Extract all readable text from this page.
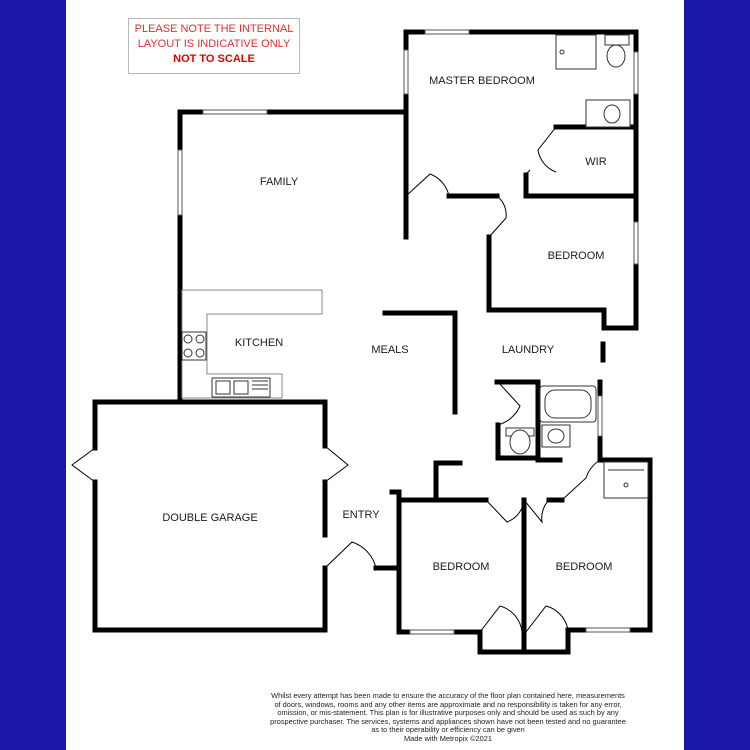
PLEASE NOTE THE INTERNAL
LAYOUT IS INDICATIVE ONLY
NOT TO SCALE
MASTER BEDROOM
WIR
FAMILY
BEDROOM
KITCHEN
MEALS	LAUNDRY
DOUBLE GARAGE	ENTRY
BEDROOM	BEDROOM
Whilst every attempt has been made to ensure the accuracy of the floor plan contained here, measurements
of doors, windows, rooms and any other items are approximate and no responsibility is taken for any error,
omission, or mis-statement. This plan is for illustrative purposes only and should be used as such by any
prospective purchaser. The services, systems and appliances shown have not been tested and no guarantee
as to their operability or efficiency can be given
Made with Metropix ©2021
